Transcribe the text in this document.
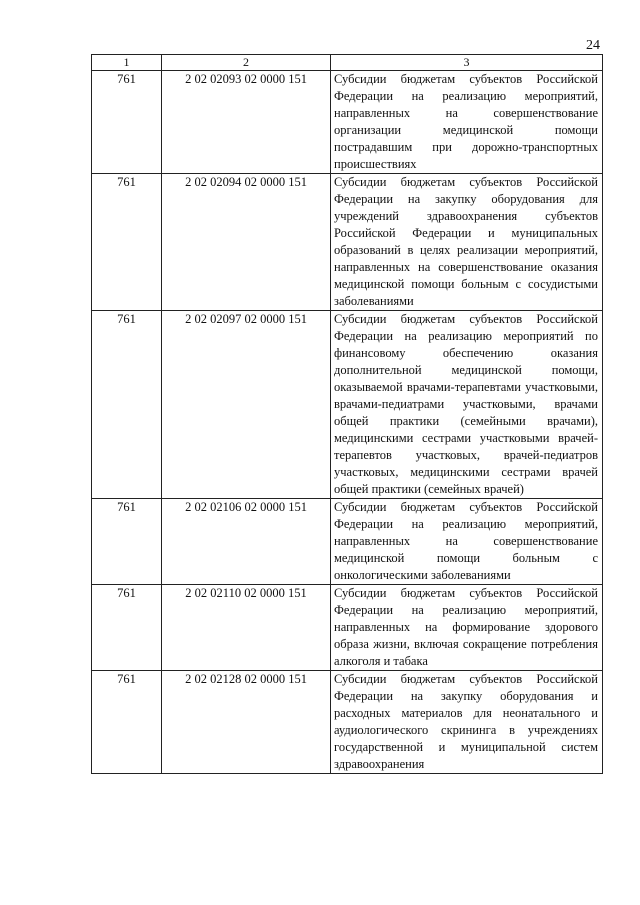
24
1	2	3
761	2 02 02093 02 0000 151	Субсидии бюджетам субъектов Российской Федерации на реализацию мероприятий, направленных на совершенствование организации медицинской помощи пострадавшим при дорожно-транспортных происшествиях
761	2 02 02094 02 0000 151	Субсидии бюджетам субъектов Российской Федерации на закупку оборудования для учреждений здравоохранения субъектов Российской Федерации и муниципальных образований в целях реализации мероприятий, направленных на совершенствование оказания медицинской помощи больным с сосудистыми заболеваниями
761	2 02 02097 02 0000 151	Субсидии бюджетам субъектов Российской Федерации на реализацию мероприятий по финансовому обеспечению оказания дополнительной медицинской помощи, оказываемой врачами-терапевтами участковыми, врачами-педиатрами участковыми, врачами общей практики (семейными врачами), медицинскими сестрами участковыми врачей-терапевтов участковых, врачей-педиатров участковых, медицинскими сестрами врачей общей практики (семейных врачей)
761	2 02 02106 02 0000 151	Субсидии бюджетам субъектов Российской Федерации на реализацию мероприятий, направленных на совершенствование медицинской помощи больным с онкологическими заболеваниями
761	2 02 02110 02 0000 151	Субсидии бюджетам субъектов Российской Федерации на реализацию мероприятий, направленных на формирование здорового образа жизни, включая сокращение потребления алкоголя и табака
761	2 02 02128 02 0000 151	Субсидии бюджетам субъектов Российской Федерации на закупку оборудования и расходных материалов для неонатального и аудиологического скрининга в учреждениях государственной и муниципальной систем здравоохранения
